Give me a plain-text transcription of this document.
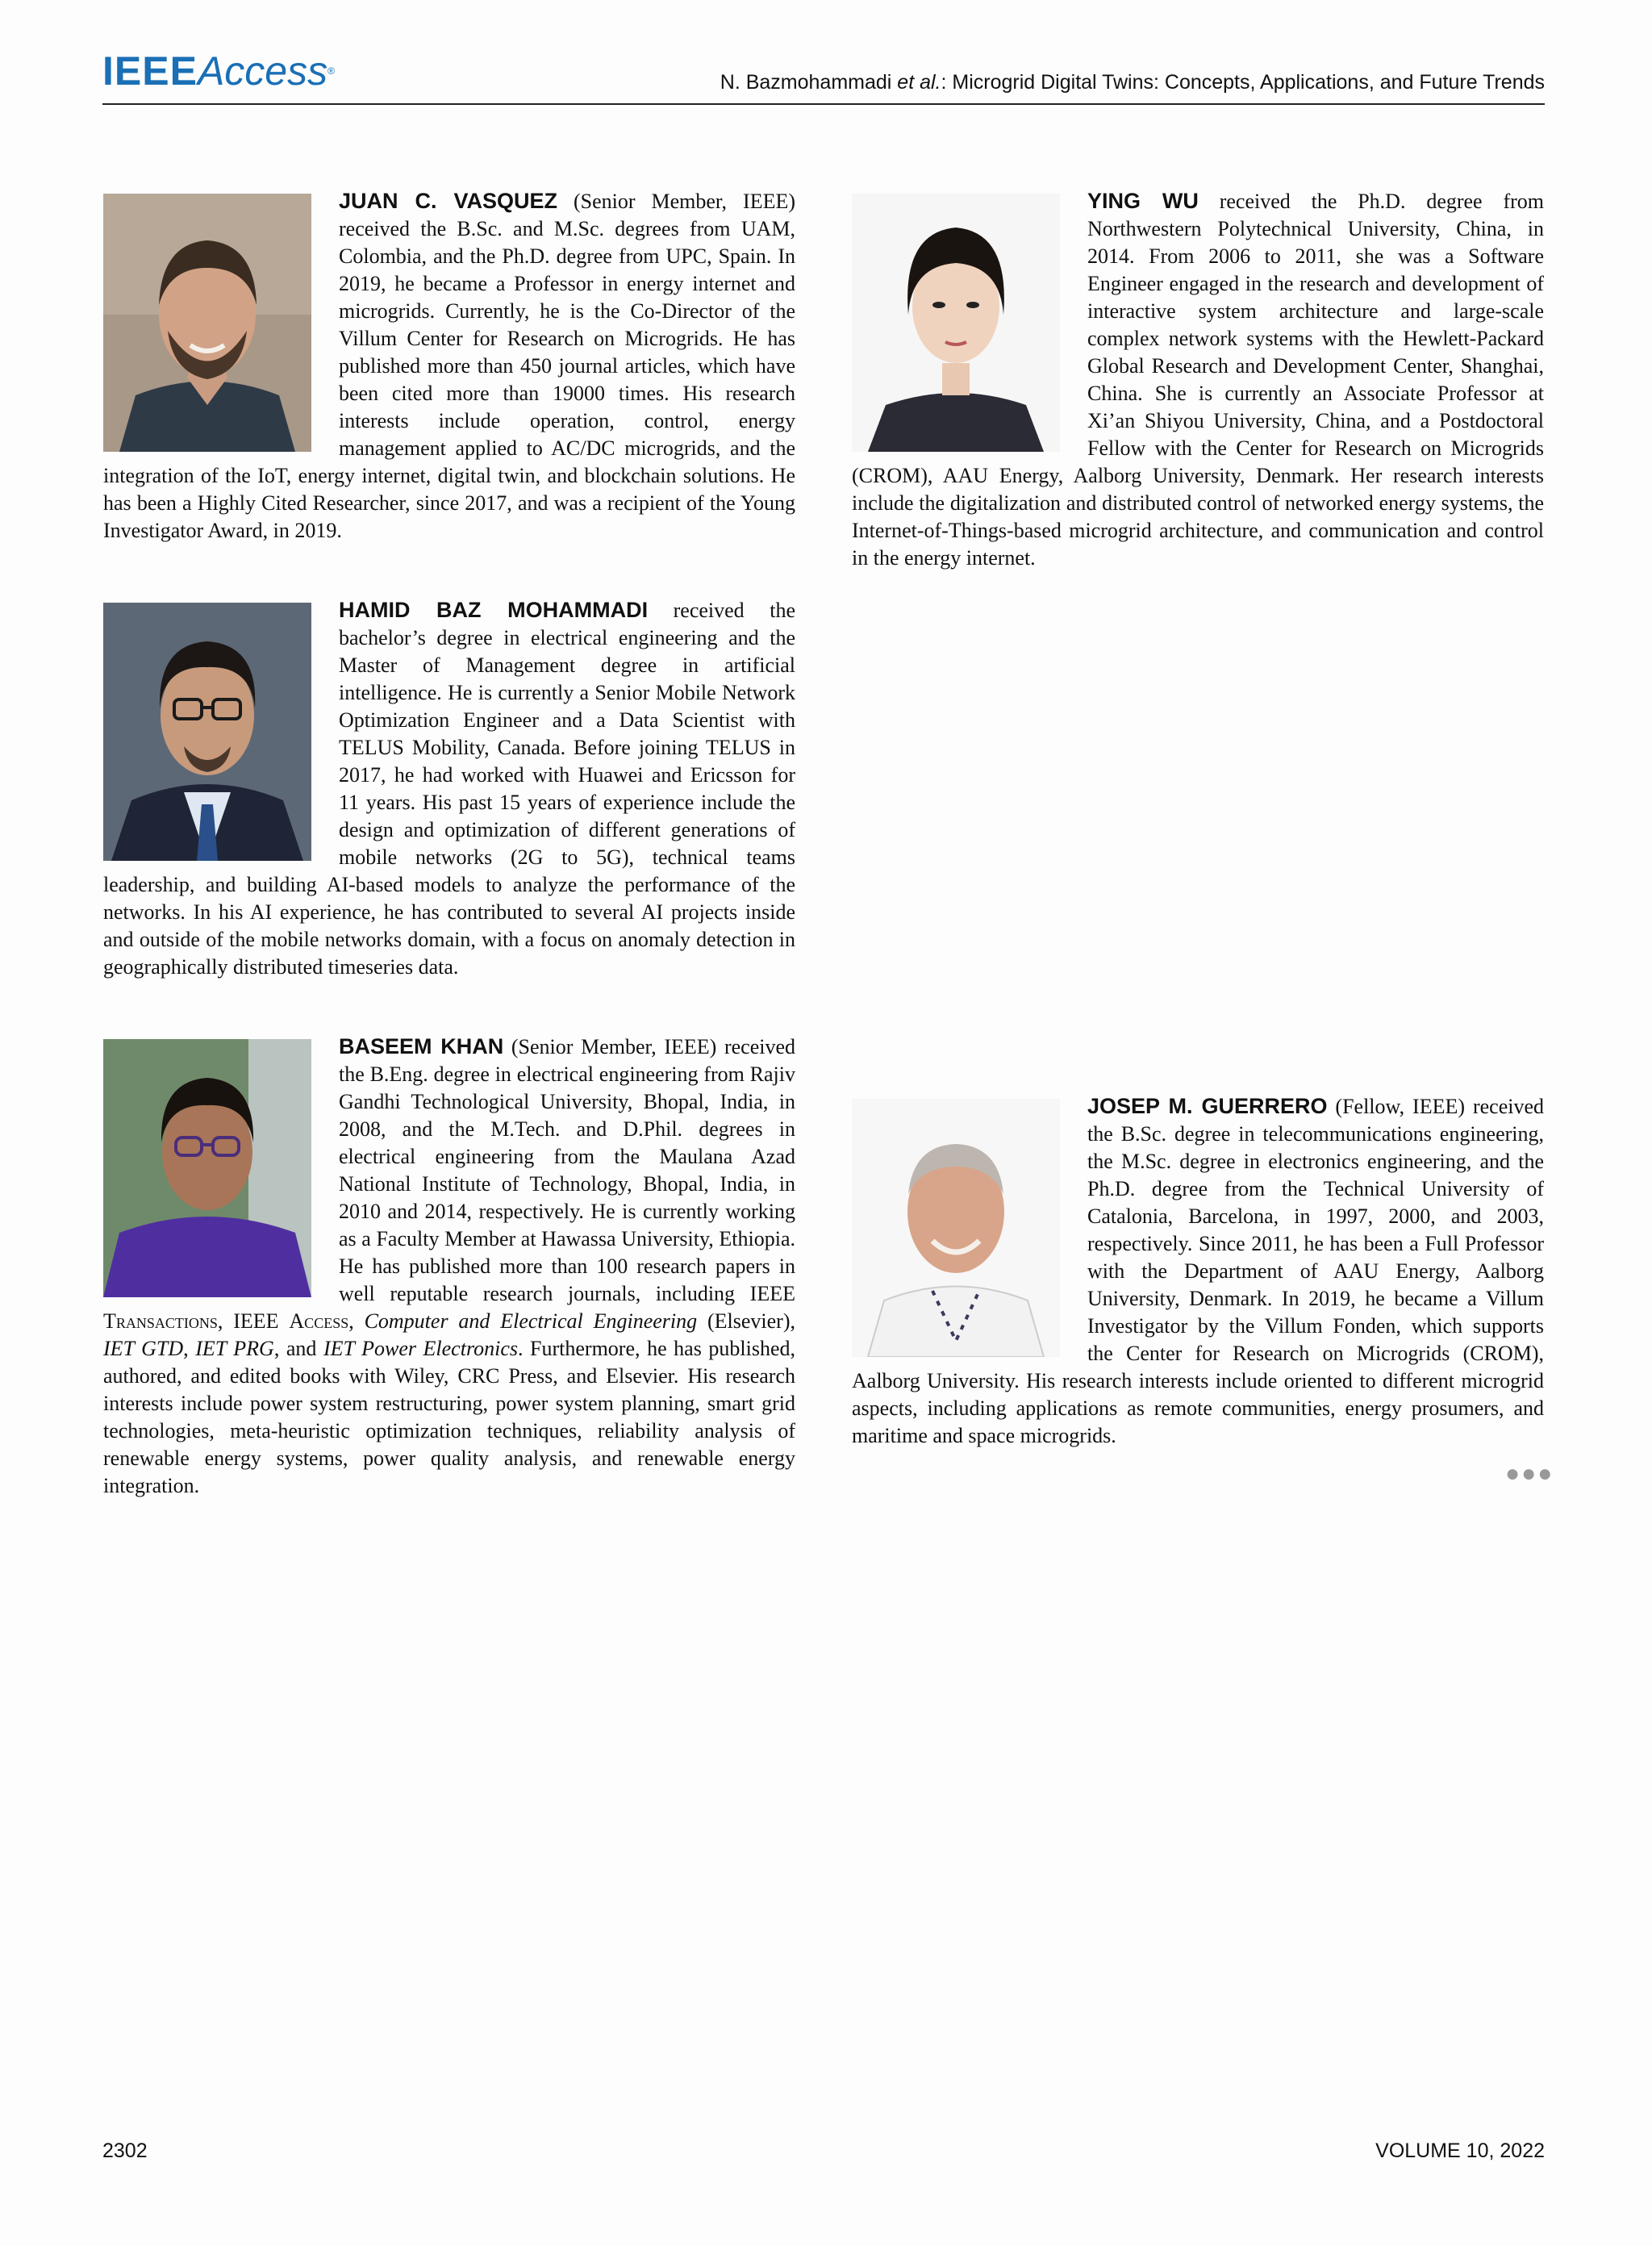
IEEEAccess®	N. Bazmohammadi et al.: Microgrid Digital Twins: Concepts, Applications, and Future Trends
JUAN C. VASQUEZ (Senior Member, IEEE) received the B.Sc. and M.Sc. degrees from UAM, Colombia, and the Ph.D. degree from UPC, Spain. In 2019, he became a Professor in energy internet and microgrids. Currently, he is the Co-Director of the Villum Center for Research on Microgrids. He has published more than 450 journal articles, which have been cited more than 19000 times. His research interests include operation, control, energy management applied to AC/DC microgrids, and the integration of the IoT, energy internet, digital twin, and blockchain solutions. He has been a Highly Cited Researcher, since 2017, and was a recipient of the Young Investigator Award, in 2019.
HAMID BAZ MOHAMMADI received the bachelor’s degree in electrical engineering and the Master of Management degree in artificial intelligence. He is currently a Senior Mobile Network Optimization Engineer and a Data Scientist with TELUS Mobility, Canada. Before joining TELUS in 2017, he had worked with Huawei and Ericsson for 11 years. His past 15 years of experience include the design and optimization of different generations of mobile networks (2G to 5G), technical teams leadership, and building AI-based models to analyze the performance of the networks. In his AI experience, he has contributed to several AI projects inside and outside of the mobile networks domain, with a focus on anomaly detection in geographically distributed timeseries data.
BASEEM KHAN (Senior Member, IEEE) received the B.Eng. degree in electrical engineering from Rajiv Gandhi Technological University, Bhopal, India, in 2008, and the M.Tech. and D.Phil. degrees in electrical engineering from the Maulana Azad National Institute of Technology, Bhopal, India, in 2010 and 2014, respectively. He is currently working as a Faculty Member at Hawassa University, Ethiopia. He has published more than 100 research papers in well reputable research journals, including IEEE Transactions, IEEE Access, Computer and Electrical Engineering (Elsevier), IET GTD, IET PRG, and IET Power Electronics. Furthermore, he has published, authored, and edited books with Wiley, CRC Press, and Elsevier. His research interests include power system restructuring, power system planning, smart grid technologies, meta-heuristic optimization techniques, reliability analysis of renewable energy systems, power quality analysis, and renewable energy integration.
YING WU received the Ph.D. degree from Northwestern Polytechnical University, China, in 2014. From 2006 to 2011, she was a Software Engineer engaged in the research and development of interactive system architecture and large-scale complex network systems with the Hewlett-Packard Global Research and Development Center, Shanghai, China. She is currently an Associate Professor at Xi’an Shiyou University, China, and a Postdoctoral Fellow with the Center for Research on Microgrids (CROM), AAU Energy, Aalborg University, Denmark. Her research interests include the digitalization and distributed control of networked energy systems, the Internet-of-Things-based microgrid architecture, and communication and control in the energy internet.
JOSEP M. GUERRERO (Fellow, IEEE) received the B.Sc. degree in telecommunications engineering, the M.Sc. degree in electronics engineering, and the Ph.D. degree from the Technical University of Catalonia, Barcelona, in 1997, 2000, and 2003, respectively. Since 2011, he has been a Full Professor with the Department of AAU Energy, Aalborg University, Denmark. In 2019, he became a Villum Investigator by the Villum Fonden, which supports the Center for Research on Microgrids (CROM), Aalborg University. His research interests include oriented to different microgrid aspects, including applications as remote communities, energy prosumers, and maritime and space microgrids.
●●●
2302	VOLUME 10, 2022
